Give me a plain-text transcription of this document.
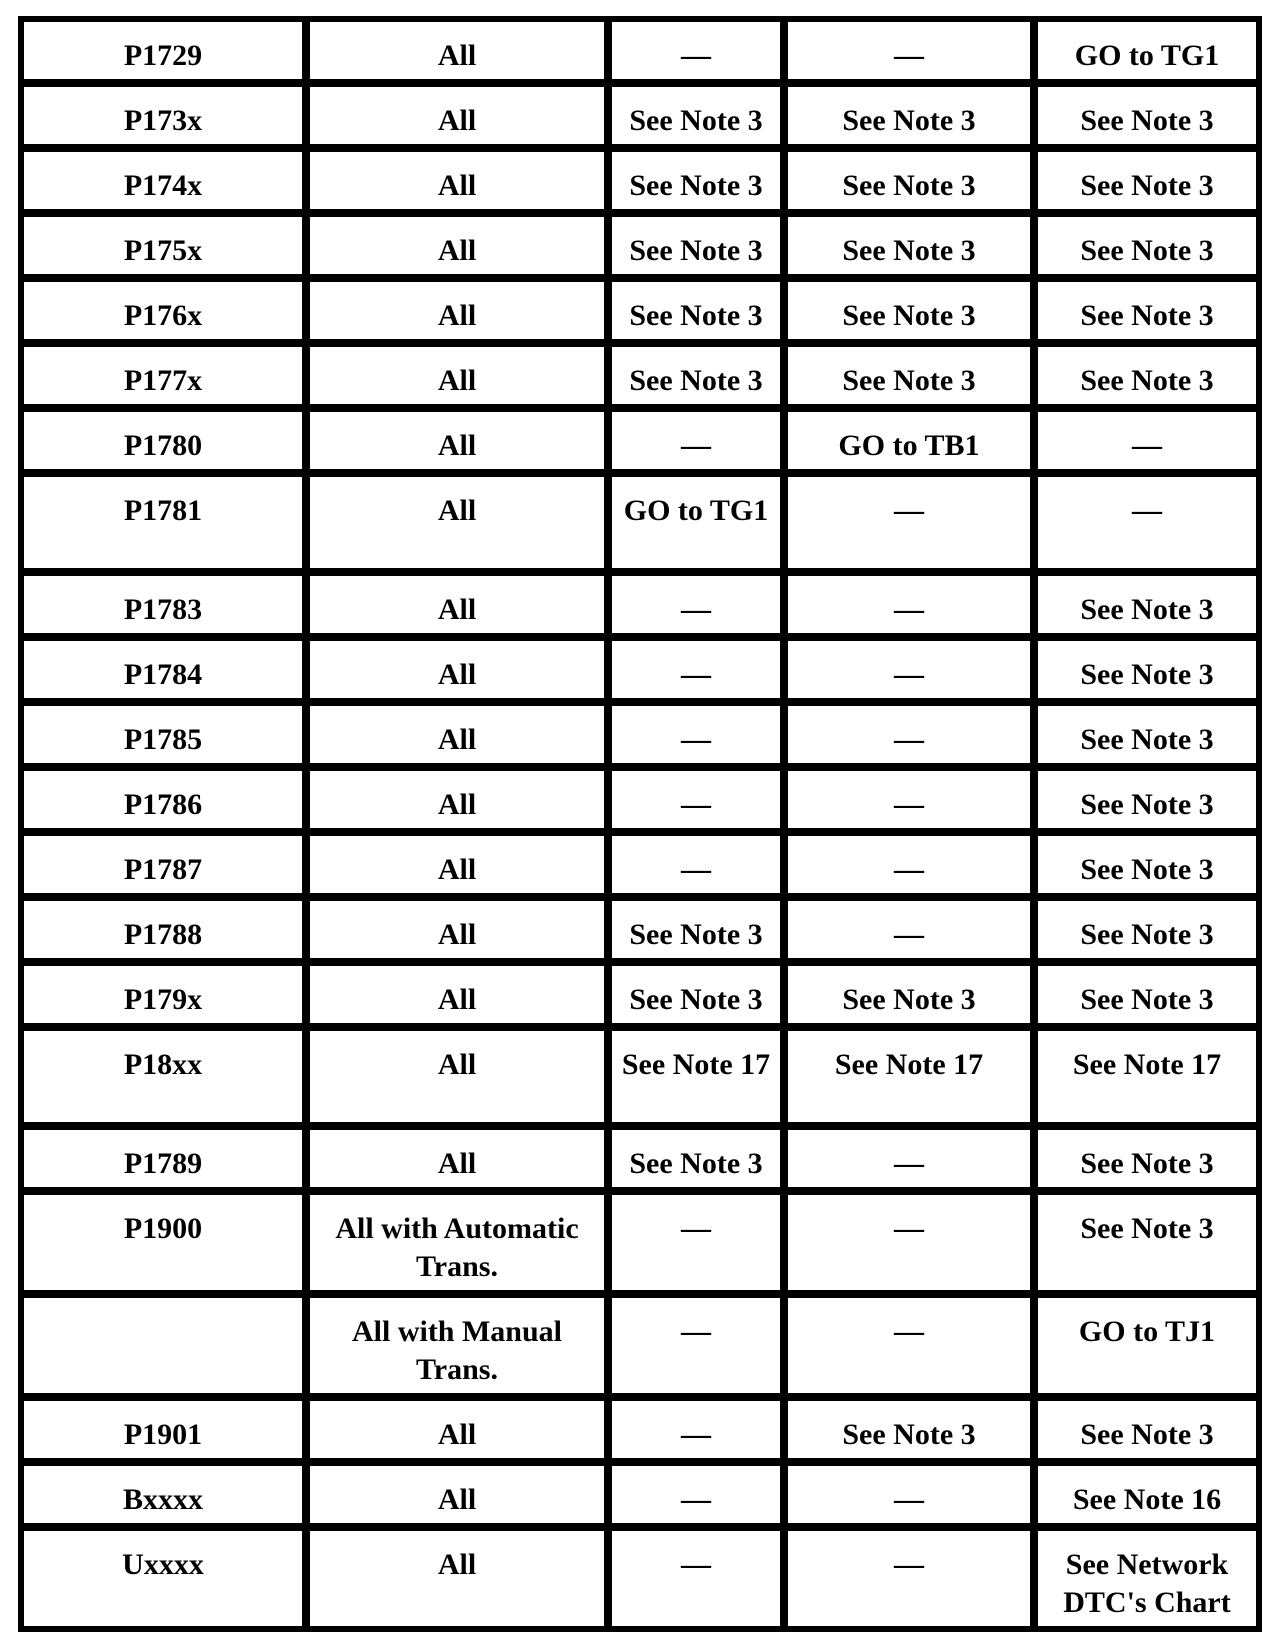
P1729	All	—	—	GO to TG1
P173x	All	See Note 3	See Note 3	See Note 3
P174x	All	See Note 3	See Note 3	See Note 3
P175x	All	See Note 3	See Note 3	See Note 3
P176x	All	See Note 3	See Note 3	See Note 3
P177x	All	See Note 3	See Note 3	See Note 3
P1780	All	—	GO to TB1	—
P1781	All	GO to TG1	—	—
P1783	All	—	—	See Note 3
P1784	All	—	—	See Note 3
P1785	All	—	—	See Note 3
P1786	All	—	—	See Note 3
P1787	All	—	—	See Note 3
P1788	All	See Note 3	—	See Note 3
P179x	All	See Note 3	See Note 3	See Note 3
P18xx	All	See Note 17	See Note 17	See Note 17
P1789	All	See Note 3	—	See Note 3
P1900	All with Automatic Trans.	—	—	See Note 3
	All with Manual Trans.	—	—	GO to TJ1
P1901	All	—	See Note 3	See Note 3
Bxxxx	All	—	—	See Note 16
Uxxxx	All	—	—	See Network DTC's Chart
